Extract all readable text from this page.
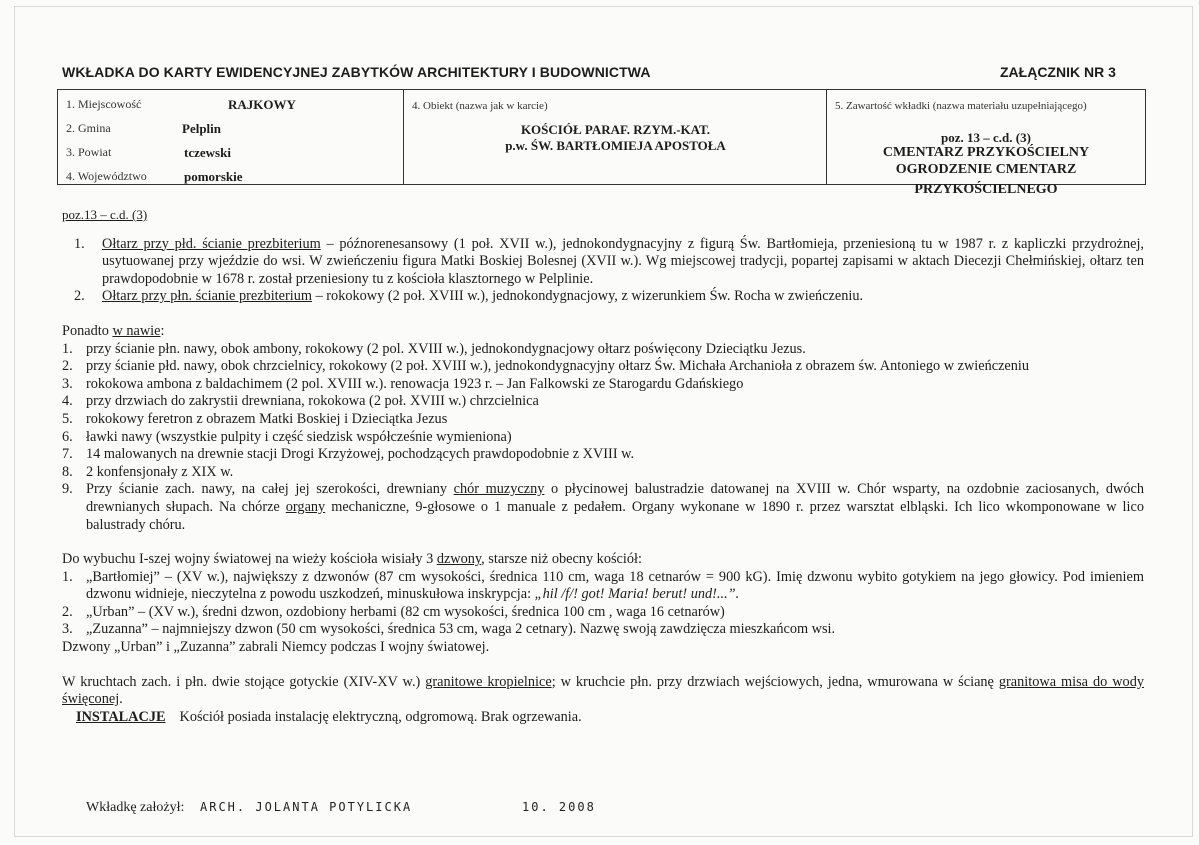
WKŁADKA DO KARTY EWIDENCYJNEJ ZABYTKÓW ARCHITEKTURY I BUDOWNICTWA	ZAŁĄCZNIK NR 3
1. Miejscowość	RAJKOWY
2. Gmina	Pelplin
3. Powiat	tczewski
4. Województwo	pomorskie
4. Obiekt (nazwa jak w karcie)
KOŚCIÓŁ PARAF. RZYM.-KAT.
p.w. ŚW. BARTŁOMIEJA APOSTOŁA
5. Zawartość wkładki (nazwa materiału uzupełniającego)
poz. 13 – c.d. (3)
CMENTARZ PRZYKOŚCIELNY
OGRODZENIE CMENTARZ PRZYKOŚCIELNEGO
poz.13 – c.d. (3)
1. Ołtarz przy płd. ścianie prezbiterium – późnorenesansowy (1 poł. XVII w.), jednokondygnacyjny z figurą Św. Bartłomieja, przeniesioną tu w 1987 r. z kapliczki przydrożnej, usytuowanej przy wjeździe do wsi. W zwieńczeniu figura Matki Boskiej Bolesnej (XVII w.). Wg miejscowej tradycji, popartej zapisami w aktach Diecezji Chełmińskiej, ołtarz ten prawdopodobnie w 1678 r. został przeniesiony tu z kościoła klasztornego w Pelplinie.
2. Ołtarz przy płn. ścianie prezbiterium – rokokowy (2 poł. XVIII w.), jednokondygnacjowy, z wizerunkiem Św. Rocha w zwieńczeniu.

Ponadto w nawie:

1. przy ścianie płn. nawy, obok ambony, rokokowy (2 pol. XVIII w.), jednokondygnacjowy ołtarz poświęcony Dzieciątku Jezus.
2. przy ścianie płd. nawy, obok chrzcielnicy, rokokowy (2 poł. XVIII w.), jednokondygnacyjny ołtarz Św. Michała Archanioła z obrazem św. Antoniego w zwieńczeniu
3. rokokowa ambona z baldachimem (2 pol. XVIII w.). renowacja 1923 r. – Jan Falkowski ze Starogardu Gdańskiego
4. przy drzwiach do zakrystii drewniana, rokokowa (2 poł. XVIII w.) chrzcielnica
5. rokokowy feretron z obrazem Matki Boskiej i Dzieciątka Jezus
6. ławki nawy (wszystkie pulpity i część siedzisk współcześnie wymieniona)
7. 14 malowanych na drewnie stacji Drogi Krzyżowej, pochodzących prawdopodobnie z XVIII w.
8. 2 konfensjonały z XIX w.
9. Przy ścianie zach. nawy, na całej jej szerokości, drewniany chór muzyczny o płycinowej balustradzie datowanej na XVIII w. Chór wsparty, na ozdobnie zaciosanych, dwóch drewnianych słupach. Na chórze organy mechaniczne, 9-głosowe o 1 manuale z pedałem. Organy wykonane w 1890 r. przez warsztat elbląski. Ich lico wkomponowane w lico balustrady chóru.

Do wybuchu I-szej wojny światowej na wieży kościoła wisiały 3 dzwony, starsze niż obecny kościół:

1. „Bartłomiej” – (XV w.), największy z dzwonów (87 cm wysokości, średnica 110 cm, waga 18 cetnarów = 900 kG). Imię dzwonu wybito gotykiem na jego głowicy. Pod imieniem dzwonu widnieje, nieczytelna z powodu uszkodzeń, minuskułowa inskrypcja: „hil /f/! got! Maria! berut! und!...”.
2. „Urban” – (XV w.), średni dzwon, ozdobiony herbami (82 cm wysokości, średnica 100 cm , waga 16 cetnarów)
3. „Zuzanna” – najmniejszy dzwon (50 cm wysokości, średnica 53 cm, waga 2 cetnary). Nazwę swoją zawdzięcza mieszkańcom wsi.

Dzwony „Urban” i „Zuzanna” zabrali Niemcy podczas I wojny światowej.

W kruchtach zach. i płn. dwie stojące gotyckie (XIV-XV w.) granitowe kropielnice; w kruchcie płn. przy drzwiach wejściowych, jedna, wmurowana w ścianę granitowa misa do wody święconej.

INSTALACJE Kościół posiada instalację elektryczną, odgromową. Brak ogrzewania.

Wkładkę założył: ARCH. JOLANTA POTYLICKA	10. 2008
